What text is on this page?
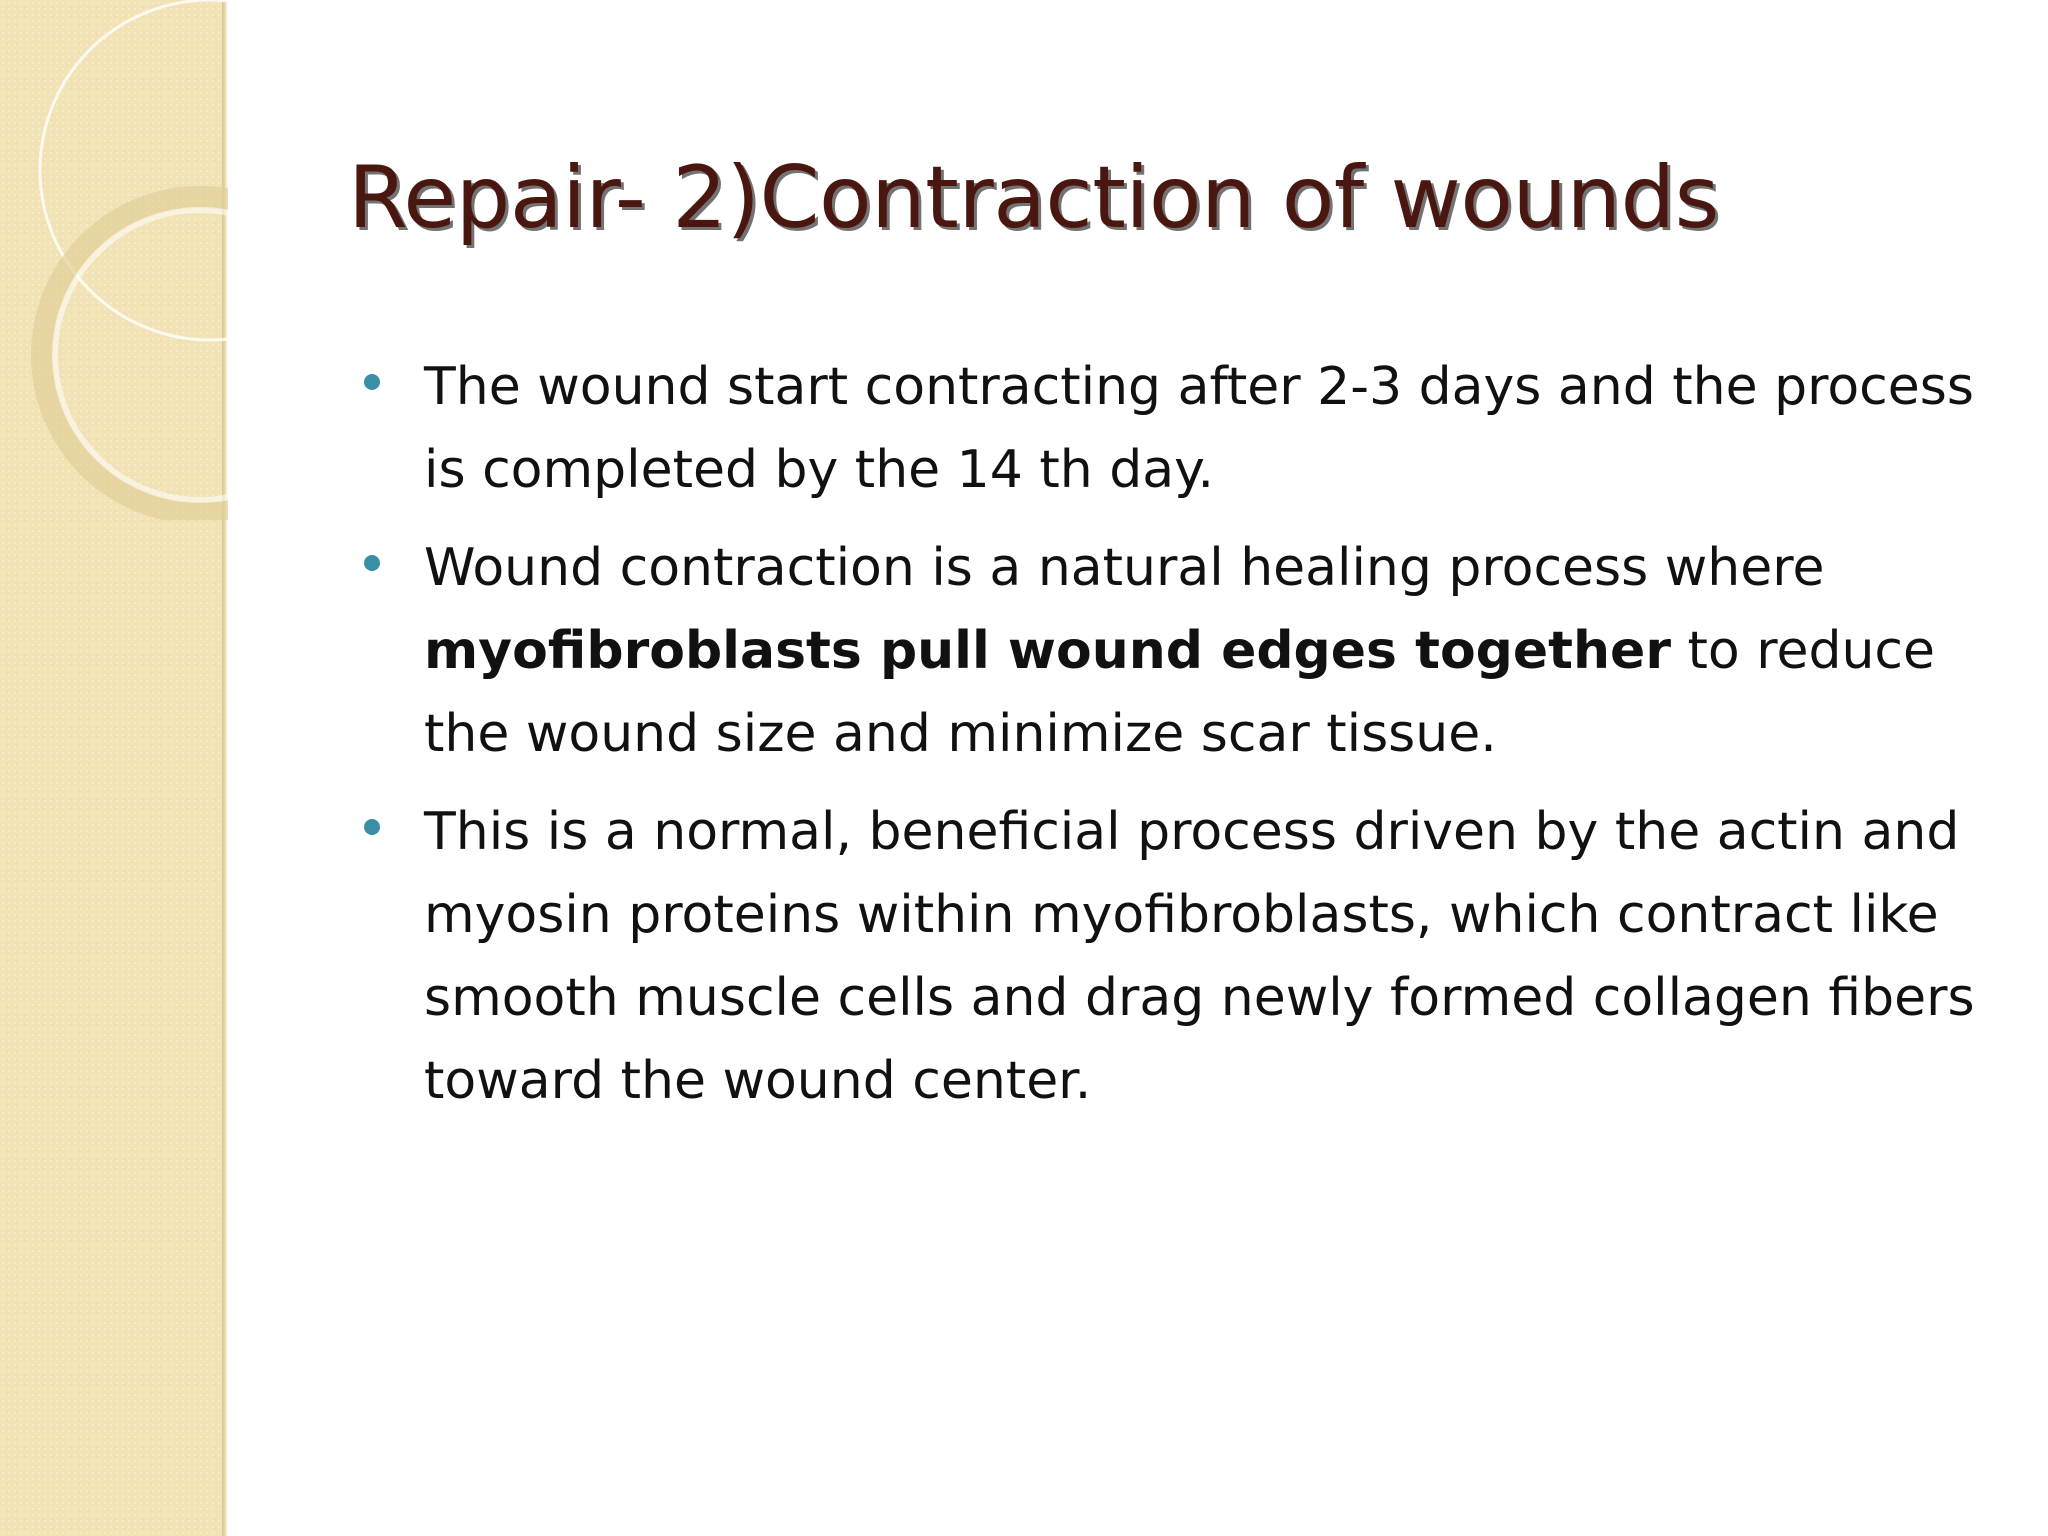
Repair- 2)Contraction of wounds
The wound start contracting after 2-3 days and the process is completed by the 14 th day.
Wound contraction is a natural healing process where myofibroblasts pull wound edges together to reduce the wound size and minimize scar tissue.
This is a normal, beneficial process driven by the actin and myosin proteins within myofibroblasts, which contract like smooth muscle cells and drag newly formed collagen fibers toward the wound center.
